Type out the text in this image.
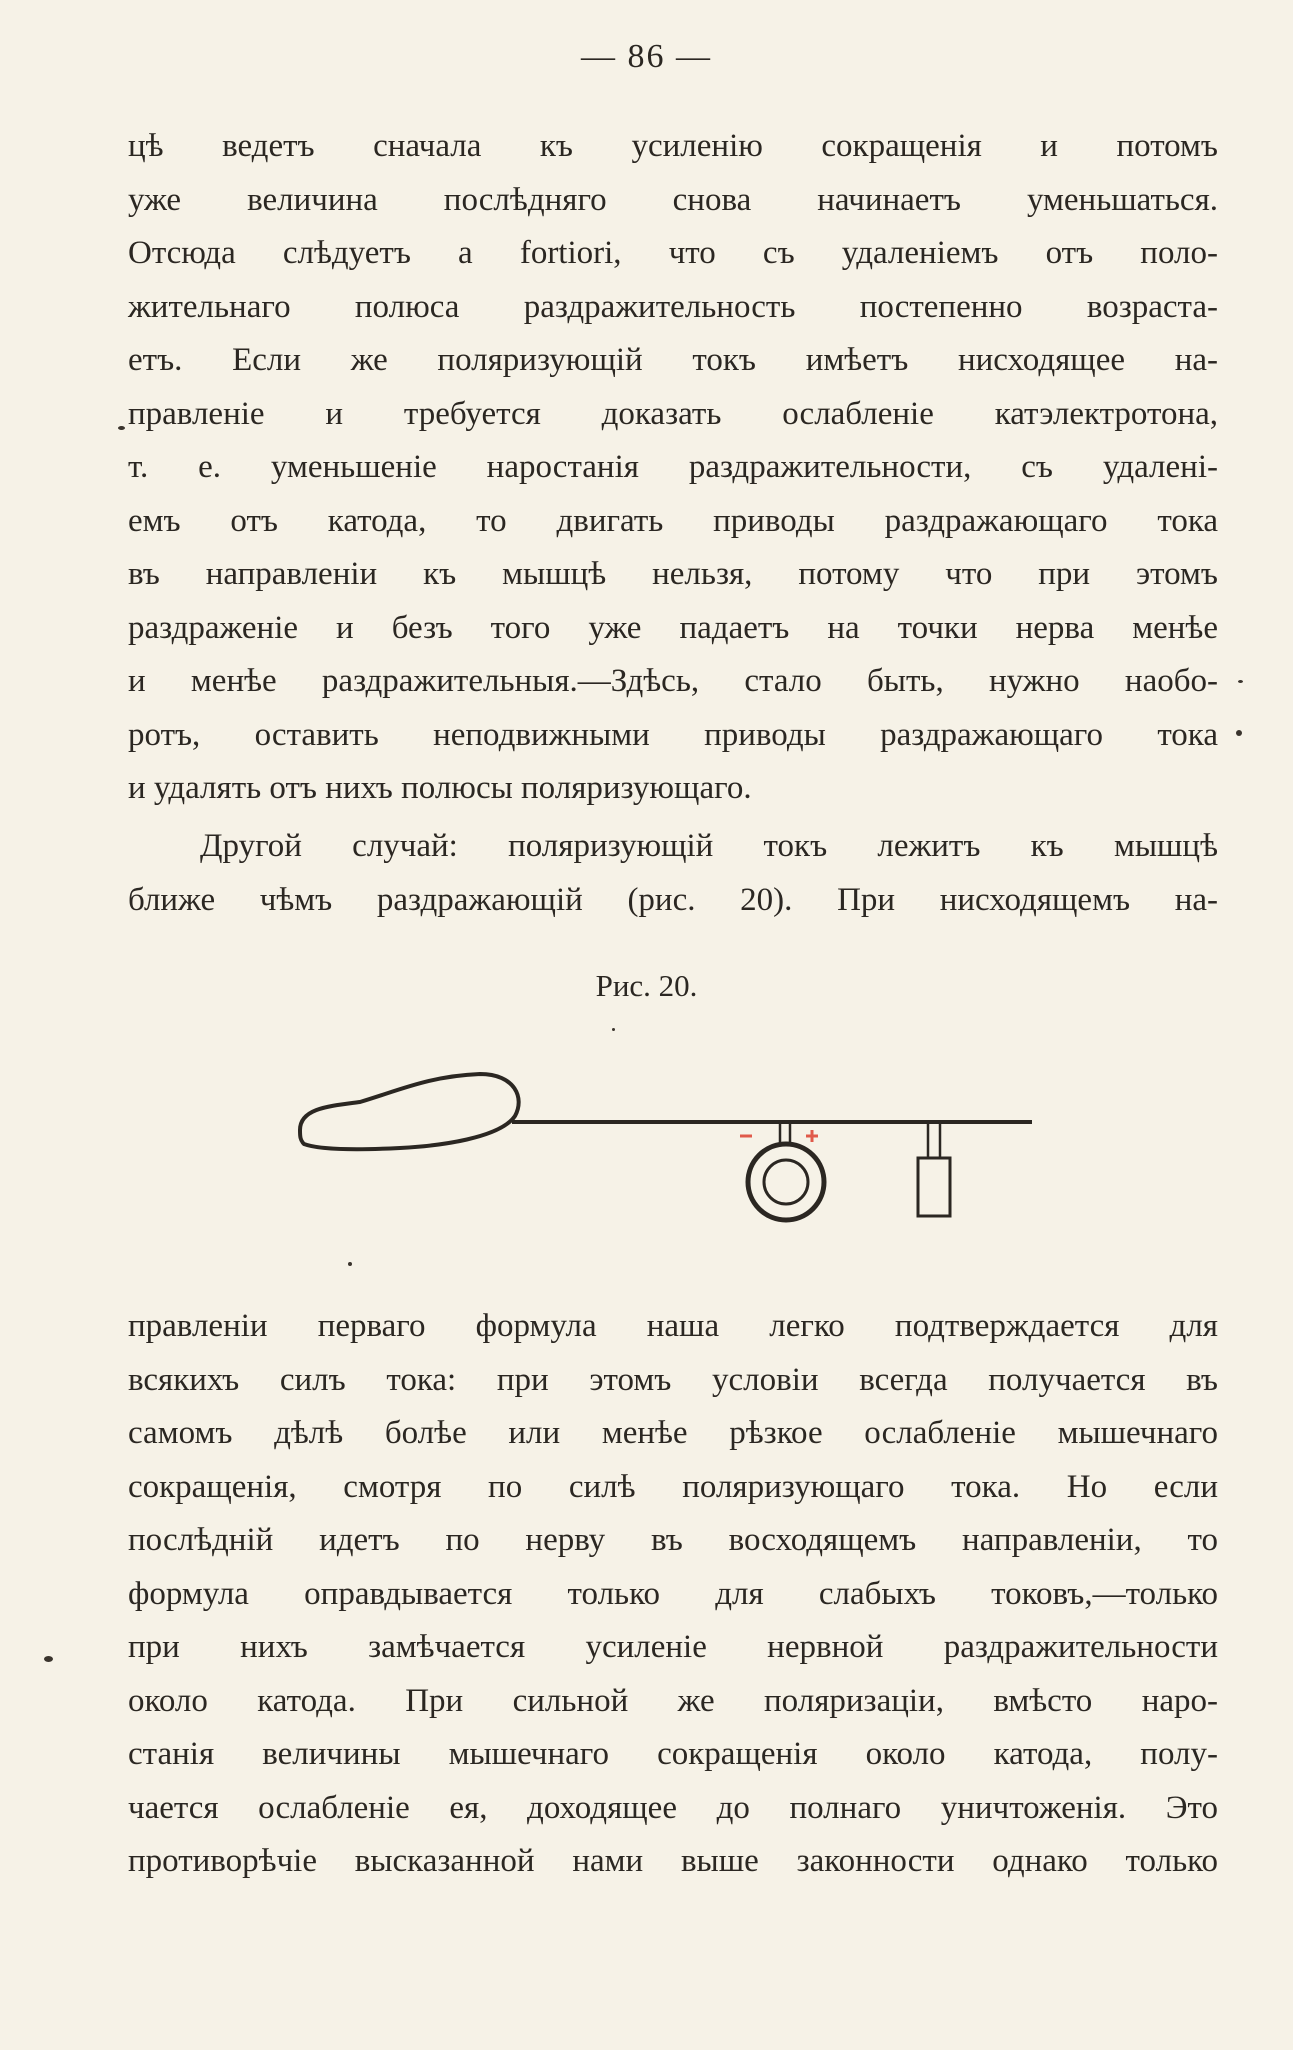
— 86 —
цѣ ведетъ сначала къ усиленію сокращенія и потомъ
уже величина послѣдняго снова начинаетъ уменьшаться.
Отсюда слѣдуетъ a fortiori, что съ удаленіемъ отъ поло-
жительнаго полюса раздражительность постепенно возраста-
етъ. Если же поляризующій токъ имѣетъ нисходящее на-
правленіе и требуется доказать ослабленіе катэлектротона,
т. е. уменьшеніе наростанія раздражительности, съ удалені-
емъ отъ катода, то двигать приводы раздражающаго тока
въ направленіи къ мышцѣ нельзя, потому что при этомъ
раздраженіе и безъ того уже падаетъ на точки нерва менѣе
и менѣе раздражительныя.—Здѣсь, стало быть, нужно наобо-
ротъ, оставить неподвижными приводы раздражающаго тока
и удалять отъ нихъ полюсы поляризующаго.
Другой случай: поляризующій токъ лежитъ къ мышцѣ
ближе чѣмъ раздражающій (рис. 20). При нисходящемъ на-
Рис. 20.
правленіи перваго формула наша легко подтверждается для
всякихъ силъ тока: при этомъ условіи всегда получается въ
самомъ дѣлѣ болѣе или менѣе рѣзкое ослабленіе мышечнаго
сокращенія, смотря по силѣ поляризующаго тока. Но если
послѣдній идетъ по нерву въ восходящемъ направленіи, то
формула оправдывается только для слабыхъ токовъ,—только
при нихъ замѣчается усиленіе нервной раздражительности
около катода. При сильной же поляризаціи, вмѣсто наро-
станія величины мышечнаго сокращенія около катода, полу-
чается ослабленіе ея, доходящее до полнаго уничтоженія. Это
противорѣчіе высказанной нами выше законности однако только
